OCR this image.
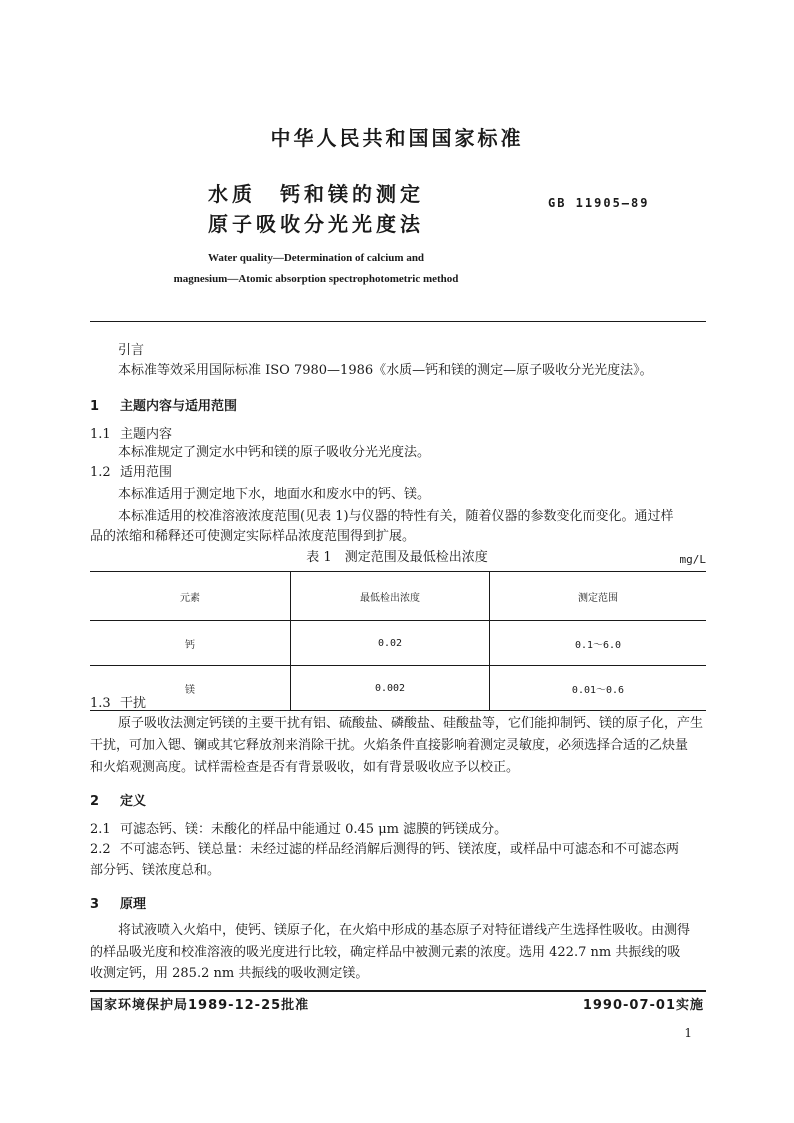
中华人民共和国国家标准
水质　钙和镁的测定
原子吸收分光光度法
GB 11905—89
Water quality—Determination of calcium and
magnesium—Atomic absorption spectrophotometric method
引言
本标准等效采用国际标准 ISO 7980—1986《水质—钙和镁的测定—原子吸收分光光度法》。
1 主题内容与适用范围
1.1 主题内容
本标准规定了测定水中钙和镁的原子吸收分光光度法。
1.2 适用范围
本标准适用于测定地下水，地面水和废水中的钙、镁。
本标准适用的校准溶液浓度范围(见表 1)与仪器的特性有关，随着仪器的参数变化而变化。通过样
品的浓缩和稀释还可使测定实际样品浓度范围得到扩展。
表 1　测定范围及最低检出浓度	mg/L
元素	最低检出浓度	测定范围
钙	0.02	0.1～6.0
镁	0.002	0.01～0.6
1.3 干扰
原子吸收法测定钙镁的主要干扰有铝、硫酸盐、磷酸盐、硅酸盐等，它们能抑制钙、镁的原子化，产生
干扰，可加入锶、镧或其它释放剂来消除干扰。火焰条件直接影响着测定灵敏度，必须选择合适的乙炔量
和火焰观测高度。试样需检查是否有背景吸收，如有背景吸收应予以校正。
2 定义
2.1 可滤态钙、镁：未酸化的样品中能通过 0.45 μm 滤膜的钙镁成分。
2.2 不可滤态钙、镁总量：未经过滤的样品经消解后测得的钙、镁浓度，或样品中可滤态和不可滤态两
部分钙、镁浓度总和。
3 原理
将试液喷入火焰中，使钙、镁原子化，在火焰中形成的基态原子对特征谱线产生选择性吸收。由测得
的样品吸光度和校准溶液的吸光度进行比较，确定样品中被测元素的浓度。选用 422.7 nm 共振线的吸
收测定钙，用 285.2 nm 共振线的吸收测定镁。
国家环境保护局1989-12-25批准	1990-07-01实施
1
